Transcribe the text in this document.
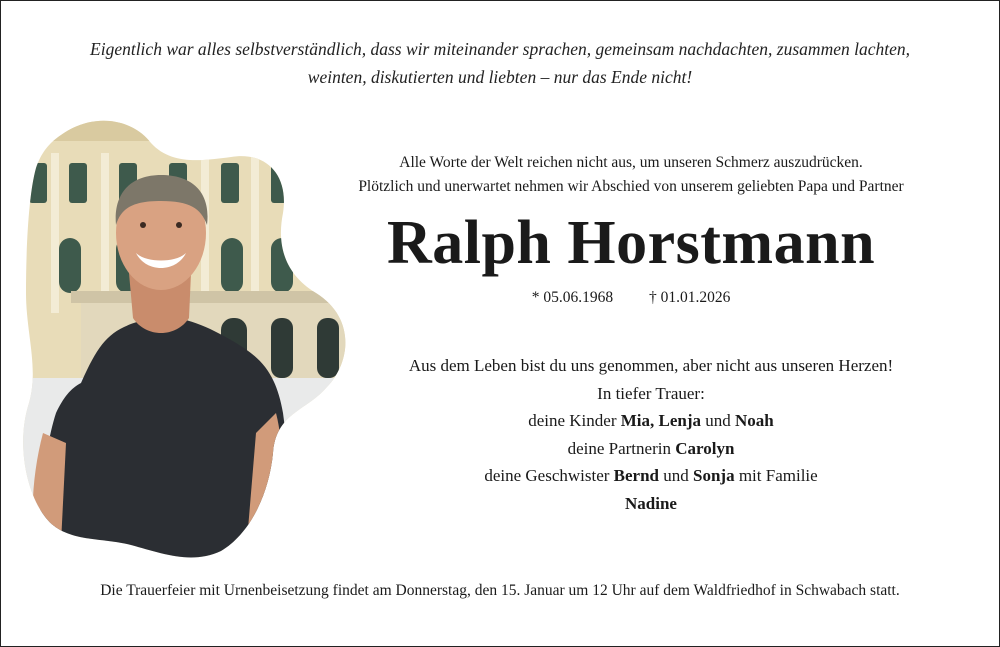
Eigentlich war alles selbstverständlich, dass wir miteinander sprachen, gemeinsam nachdachten, zusammen lachten,
weinten, diskutierten und liebten – nur das Ende nicht!
Alle Worte der Welt reichen nicht aus, um unseren Schmerz auszudrücken.
Plötzlich und unerwartet nehmen wir Abschied von unserem geliebten Papa und Partner
Ralph Horstmann
* 05.06.1968 † 01.01.2026
Aus dem Leben bist du uns genommen, aber nicht aus unseren Herzen!
In tiefer Trauer:
deine Kinder Mia, Lenja und Noah
deine Partnerin Carolyn
deine Geschwister Bernd und Sonja mit Familie
Nadine
Die Trauerfeier mit Urnenbeisetzung findet am Donnerstag, den 15. Januar um 12 Uhr auf dem Waldfriedhof in Schwabach statt.
